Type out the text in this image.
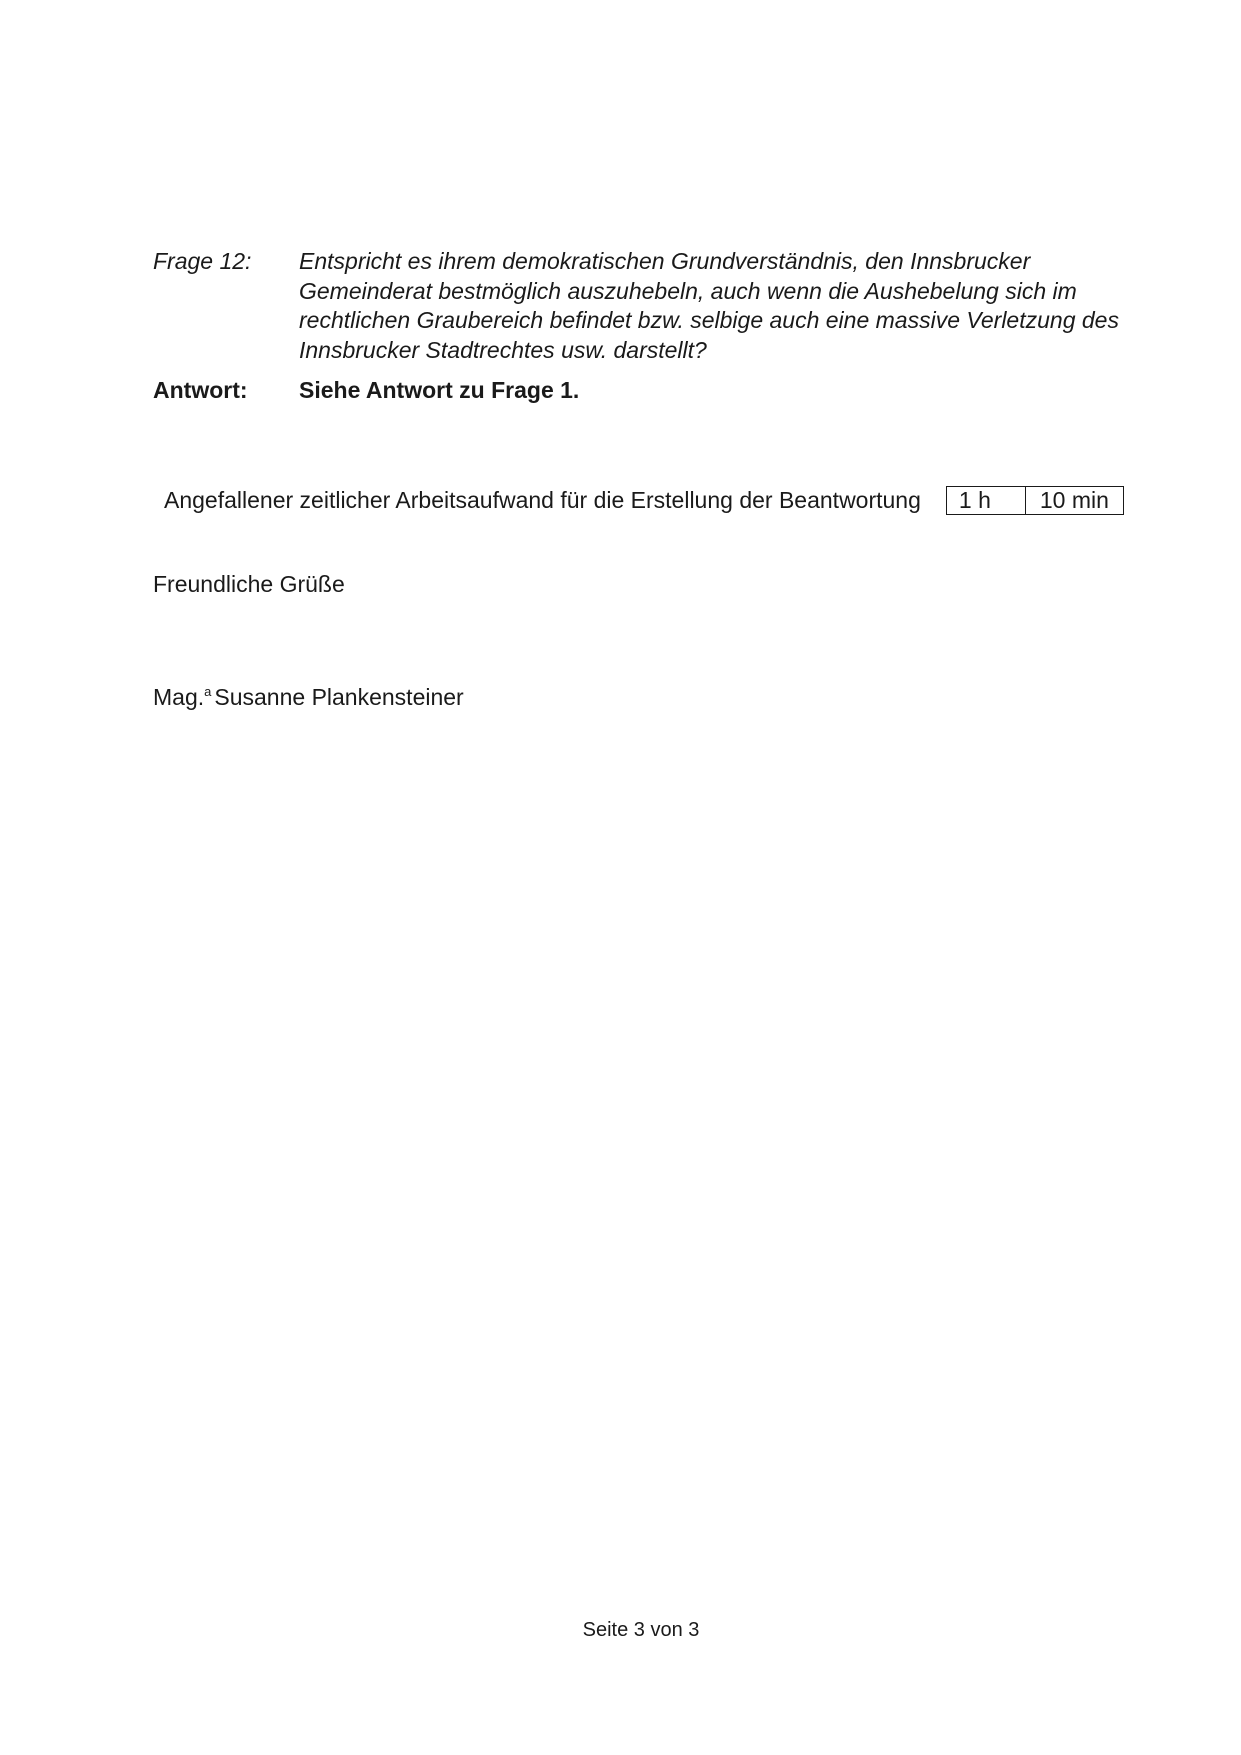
Frage 12:	Entspricht es ihrem demokratischen Grundverständnis, den Innsbrucker Gemeinderat bestmöglich auszuhebeln, auch wenn die Aushebelung sich im rechtlichen Graubereich befindet bzw. selbige auch eine massive Verletzung des Innsbrucker Stadtrechtes usw. darstellt?
Antwort:	Siehe Antwort zu Frage 1.
Angefallener zeitlicher Arbeitsaufwand für die Erstellung der Beantwortung	1 h	10 min
Freundliche Grüße
Mag.$^a$ Susanne Plankensteiner
Seite 3 von 3
